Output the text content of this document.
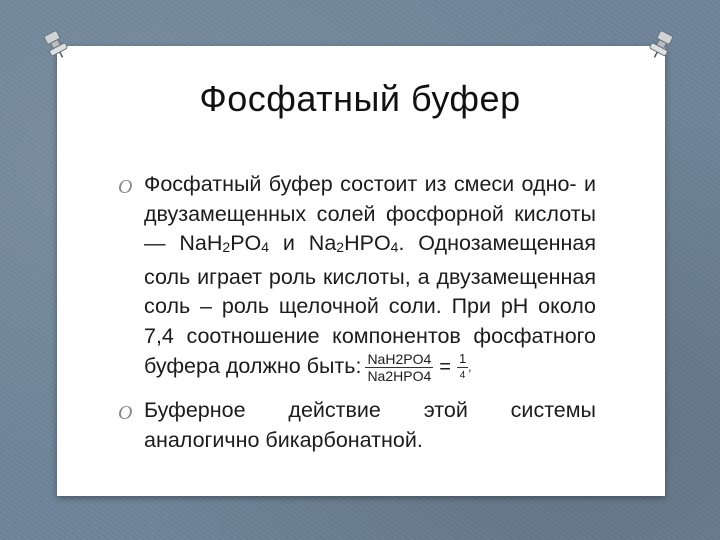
Фосфатный буфер
O Фосфатный буфер состоит из смеси одно- и двузамещенных солей фосфорной кислоты — $NaH_2PO_4$ и $Na_2HPO_4$. Однозамещенная соль играет роль кислоты, а двузамещенная соль – роль щелочной соли. При pH около 7,4 соотношение компонентов фосфатного буфера должно быть: $\frac{\text{NaH2PO4}}{\text{Na2HPO4}} = \frac{1}{4}$ ,
O Буферное действие этой системы аналогично бикарбонатной.
